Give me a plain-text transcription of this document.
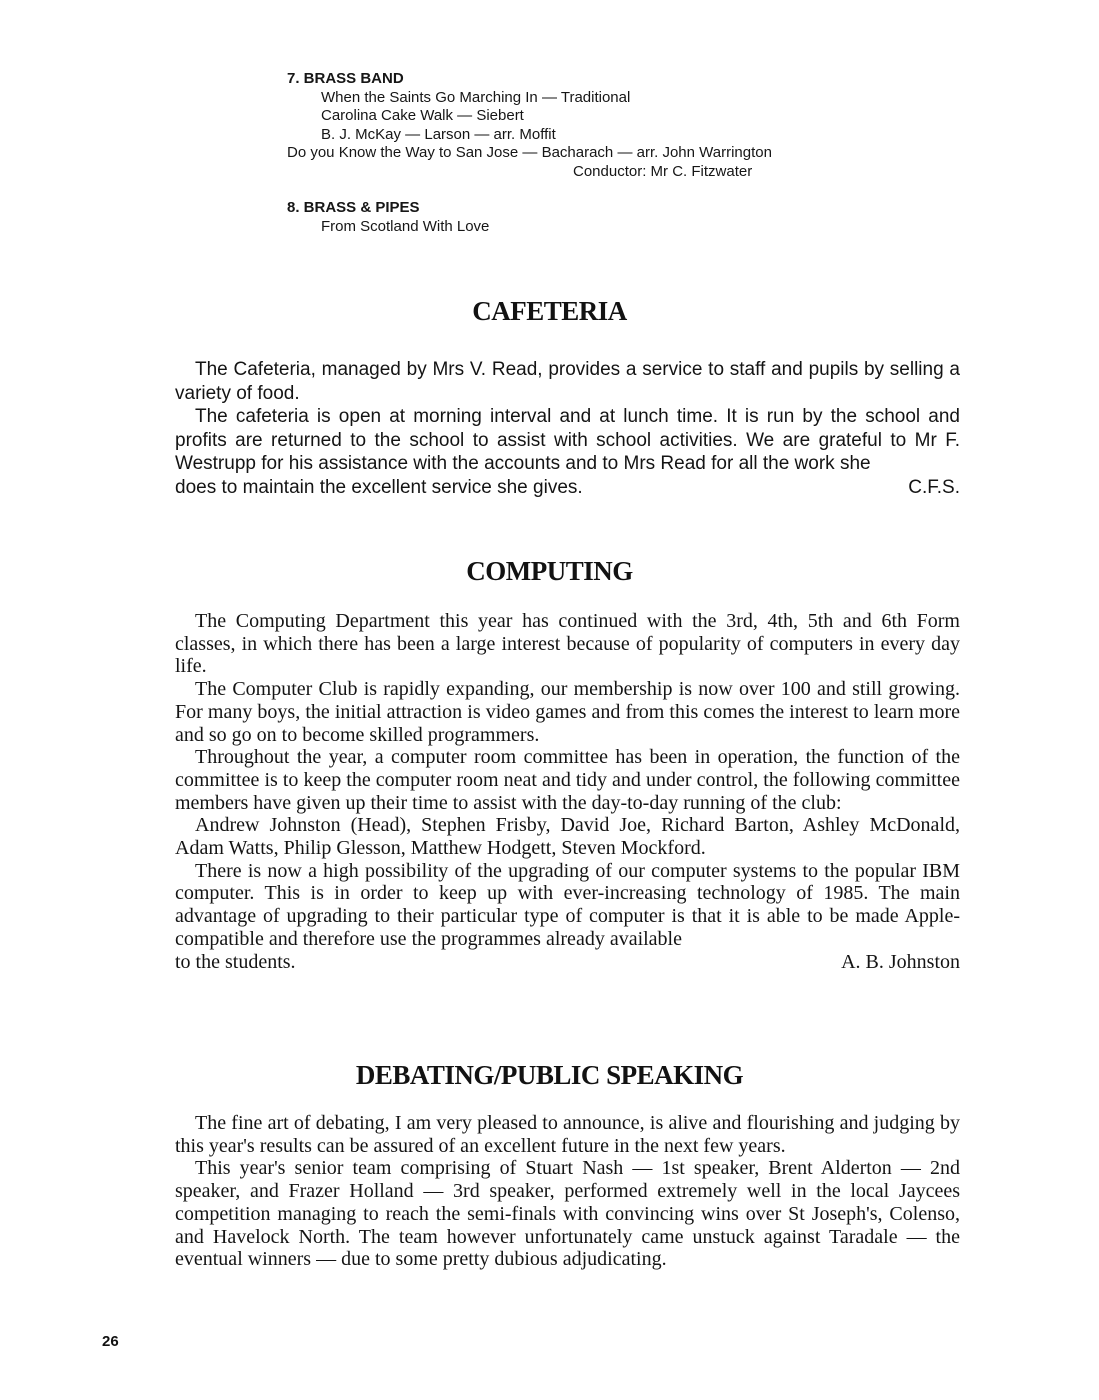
7. BRASS BAND
When the Saints Go Marching In — Traditional
Carolina Cake Walk — Siebert
B. J. McKay — Larson — arr. Moffit
Do you Know the Way to San Jose — Bacharach — arr. John Warrington
Conductor: Mr C. Fitzwater
8. BRASS & PIPES
From Scotland With Love
CAFETERIA

The Cafeteria, managed by Mrs V. Read, provides a service to staff and pupils by selling a variety of food.

The cafeteria is open at morning interval and at lunch time. It is run by the school and profits are returned to the school to assist with school activities. We are grateful to Mr F. Westrupp for his assistance with the accounts and to Mrs Read for all the work she

does to maintain the excellent service she gives.	C.F.S.
COMPUTING

The Computing Department this year has continued with the 3rd, 4th, 5th and 6th Form classes, in which there has been a large interest because of popularity of computers in every day life.

The Computer Club is rapidly expanding, our membership is now over 100 and still growing. For many boys, the initial attraction is video games and from this comes the interest to learn more and so go on to become skilled programmers.

Throughout the year, a computer room committee has been in operation, the function of the committee is to keep the computer room neat and tidy and under control, the following committee members have given up their time to assist with the day-to-day running of the club:

Andrew Johnston (Head), Stephen Frisby, David Joe, Richard Barton, Ashley McDonald, Adam Watts, Philip Glesson, Matthew Hodgett, Steven Mockford.

There is now a high possibility of the upgrading of our computer systems to the popular IBM computer. This is in order to keep up with ever-increasing technology of 1985. The main advantage of upgrading to their particular type of computer is that it is able to be made Apple-compatible and therefore use the programmes already available

to the students.	A. B. Johnston
DEBATING/PUBLIC SPEAKING

The fine art of debating, I am very pleased to announce, is alive and flourishing and judging by this year's results can be assured of an excellent future in the next few years.

This year's senior team comprising of Stuart Nash — 1st speaker, Brent Alderton — 2nd speaker, and Frazer Holland — 3rd speaker, performed extremely well in the local Jaycees competition managing to reach the semi-finals with convincing wins over St Joseph's, Colenso, and Havelock North. The team however unfortunately came unstuck against Taradale — the eventual winners — due to some pretty dubious adjudicating.

26
